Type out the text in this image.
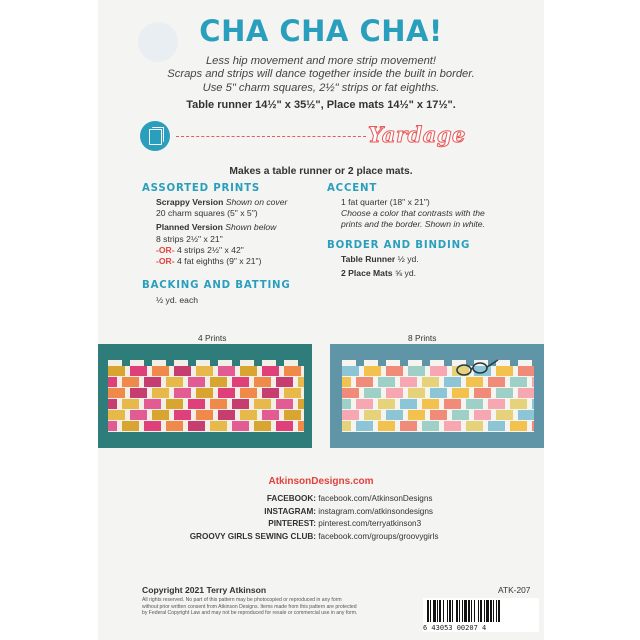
CHA CHA CHA!
Less hip movement and more strip movement!
Scraps and strips will dance together inside the built in border.
Use 5" charm squares, 2½" strips or fat eighths.
Table runner 14½" x 35½", Place mats 14½" x 17½".
Yardage
Makes a table runner or 2 place mats.
ASSORTED PRINTS
Scrappy Version Shown on cover
20 charm squares (5" x 5")
Planned Version Shown below
8 strips 2½" x 21"
-OR- 4 strips 2½" x 42"
-OR- 4 fat eighths (9" x 21")
BACKING AND BATTING
½ yd. each
ACCENT
1 fat quarter (18" x 21")
Choose a color that contrasts with the
prints and the border. Shown in white.
BORDER AND BINDING
Table Runner ½ yd.
2 Place Mats ⅝ yd.
4 Prints	8 Prints
AtkinsonDesigns.com
FACEBOOK: facebook.com/AtkinsonDesigns
INSTAGRAM: instagram.com/atkinsondesigns
PINTEREST: pinterest.com/terryatkinson3
GROOVY GIRLS SEWING CLUB: facebook.com/groups/groovygirls
Copyright 2021 Terry Atkinson
All rights reserved. No part of this pattern may be photocopied or reproduced in any form without prior written consent from Atkinson Designs. Items made from this pattern are protected by Federal Copyright Law and may not be reproduced for resale or commercial use in any form.
ATK-207
6 43053 00207 4
